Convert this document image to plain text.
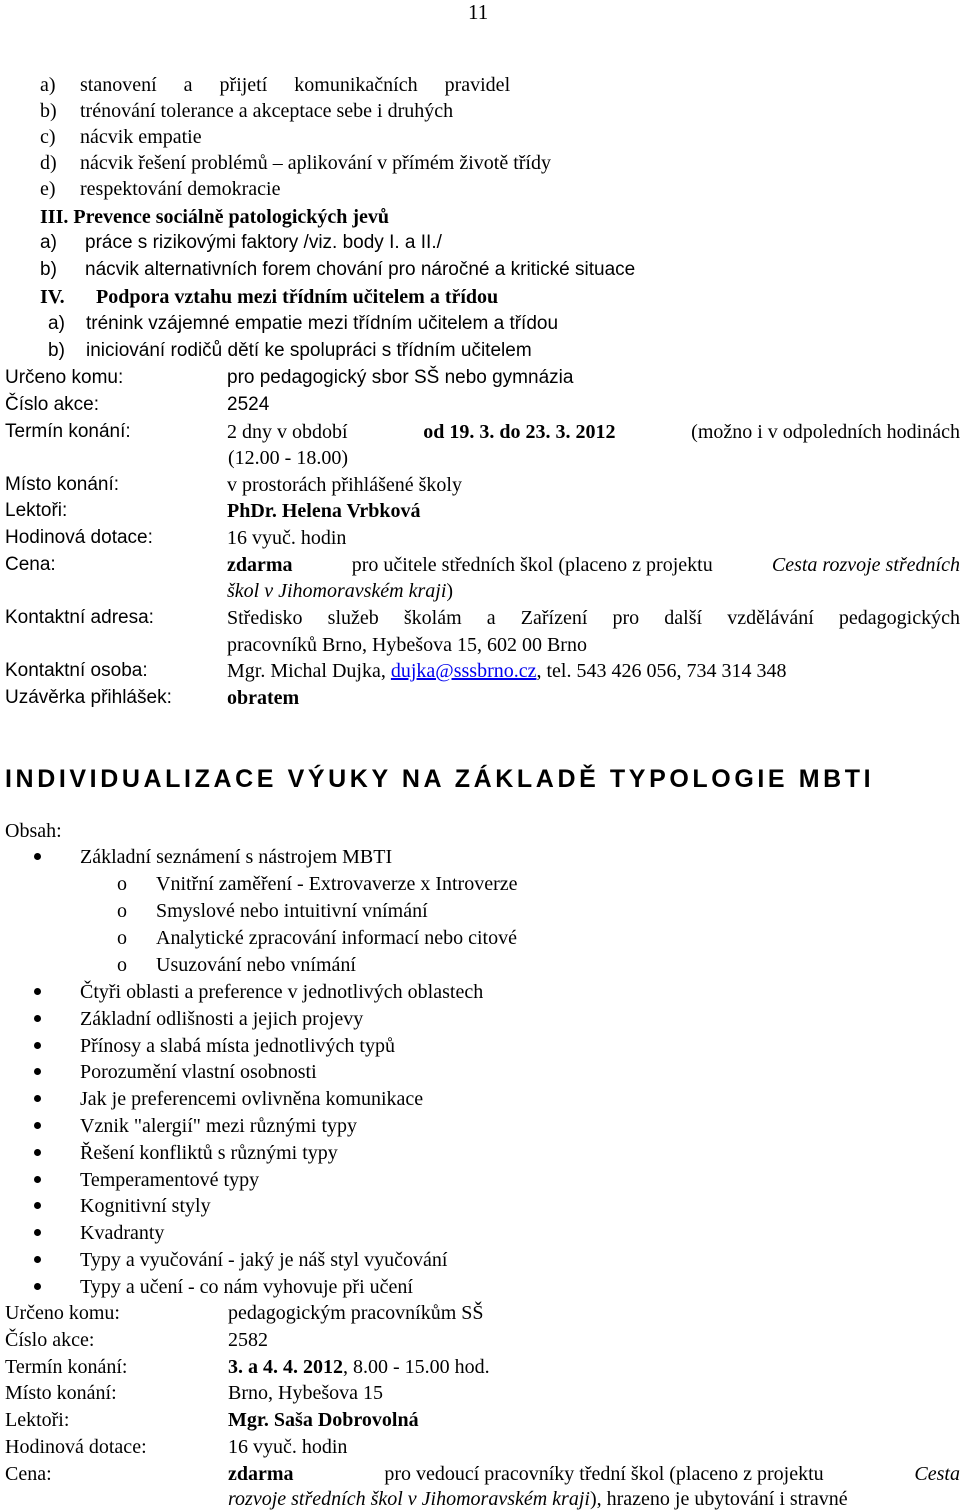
11
a) stanovení a přijetí komunikačních pravidel
b) trénování tolerance a akceptace sebe i druhých
c) nácvik empatie
d) nácvik řešení problémů – aplikování v přímém životě třídy
e) respektování demokracie
III. Prevence sociálně patologických jevů
a) práce s rizikovými faktory /viz. body I. a II./
b) nácvik alternativních forem chování pro náročné a kritické situace
IV. Podpora vztahu mezi třídním učitelem a třídou
a) trénink vzájemné empatie mezi třídním učitelem a třídou
b) iniciování rodičů dětí ke spolupráci s třídním učitelem
Určeno komu:	pro pedagogický sbor SŠ nebo gymnázia
Číslo akce:	2524
Termín konání:	2 dny v období	od 19. 3. do 23. 3. 2012	(možno i v odpoledních hodinách
(12.00 - 18.00)
Místo konání:	v prostorách přihlášené školy
Lektoři:	PhDr. Helena Vrbková
Hodinová dotace:	16 vyuč. hodin
Cena:	zdarma	pro učitele středních škol (placeno z projektu	Cesta rozvoje středních
škol v Jihomoravském kraji)
Kontaktní adresa:	Středisko služeb školám a Zařízení pro další vzdělávání pedagogických
pracovníků Brno, Hybešova 15, 602 00 Brno
Kontaktní osoba:	Mgr. Michal Dujka, dujka@sssbrno.cz, tel. 543 426 056, 734 314 348
Uzávěrka přihlášek:	obratem
INDIVIDUALIZACE VÝUKY NA ZÁKLADĚ TYPOLOGIE MBTI
Obsah:
Základní seznámení s nástrojem MBTI
o Vnitřní zaměření - Extrovaverze x Introverze
o Smyslové nebo intuitivní vnímání
o Analytické zpracování informací nebo citové
o Usuzování nebo vnímání
Čtyři oblasti a preference v jednotlivých oblastech
Základní odlišnosti a jejich projevy
Přínosy a slabá místa jednotlivých typů
Porozumění vlastní osobnosti
Jak je preferencemi ovlivněna komunikace
Vznik "alergií" mezi různými typy
Řešení konfliktů s různými typy
Temperamentové typy
Kognitivní styly
Kvadranty
Typy a vyučování - jaký je náš styl vyučování
Typy a učení - co nám vyhovuje při učení
Určeno komu:	pedagogickým pracovníkům SŠ
Číslo akce:	2582
Termín konání:	3. a 4. 4. 2012, 8.00 - 15.00 hod.
Místo konání:	Brno, Hybešova 15
Lektoři:	Mgr. Saša Dobrovolná
Hodinová dotace:	16 vyuč. hodin
Cena:	zdarma	pro vedoucí pracovníky třední škol (placeno z projektu	Cesta
rozvoje středních škol v Jihomoravském kraji), hrazeno je ubytování i stravné
